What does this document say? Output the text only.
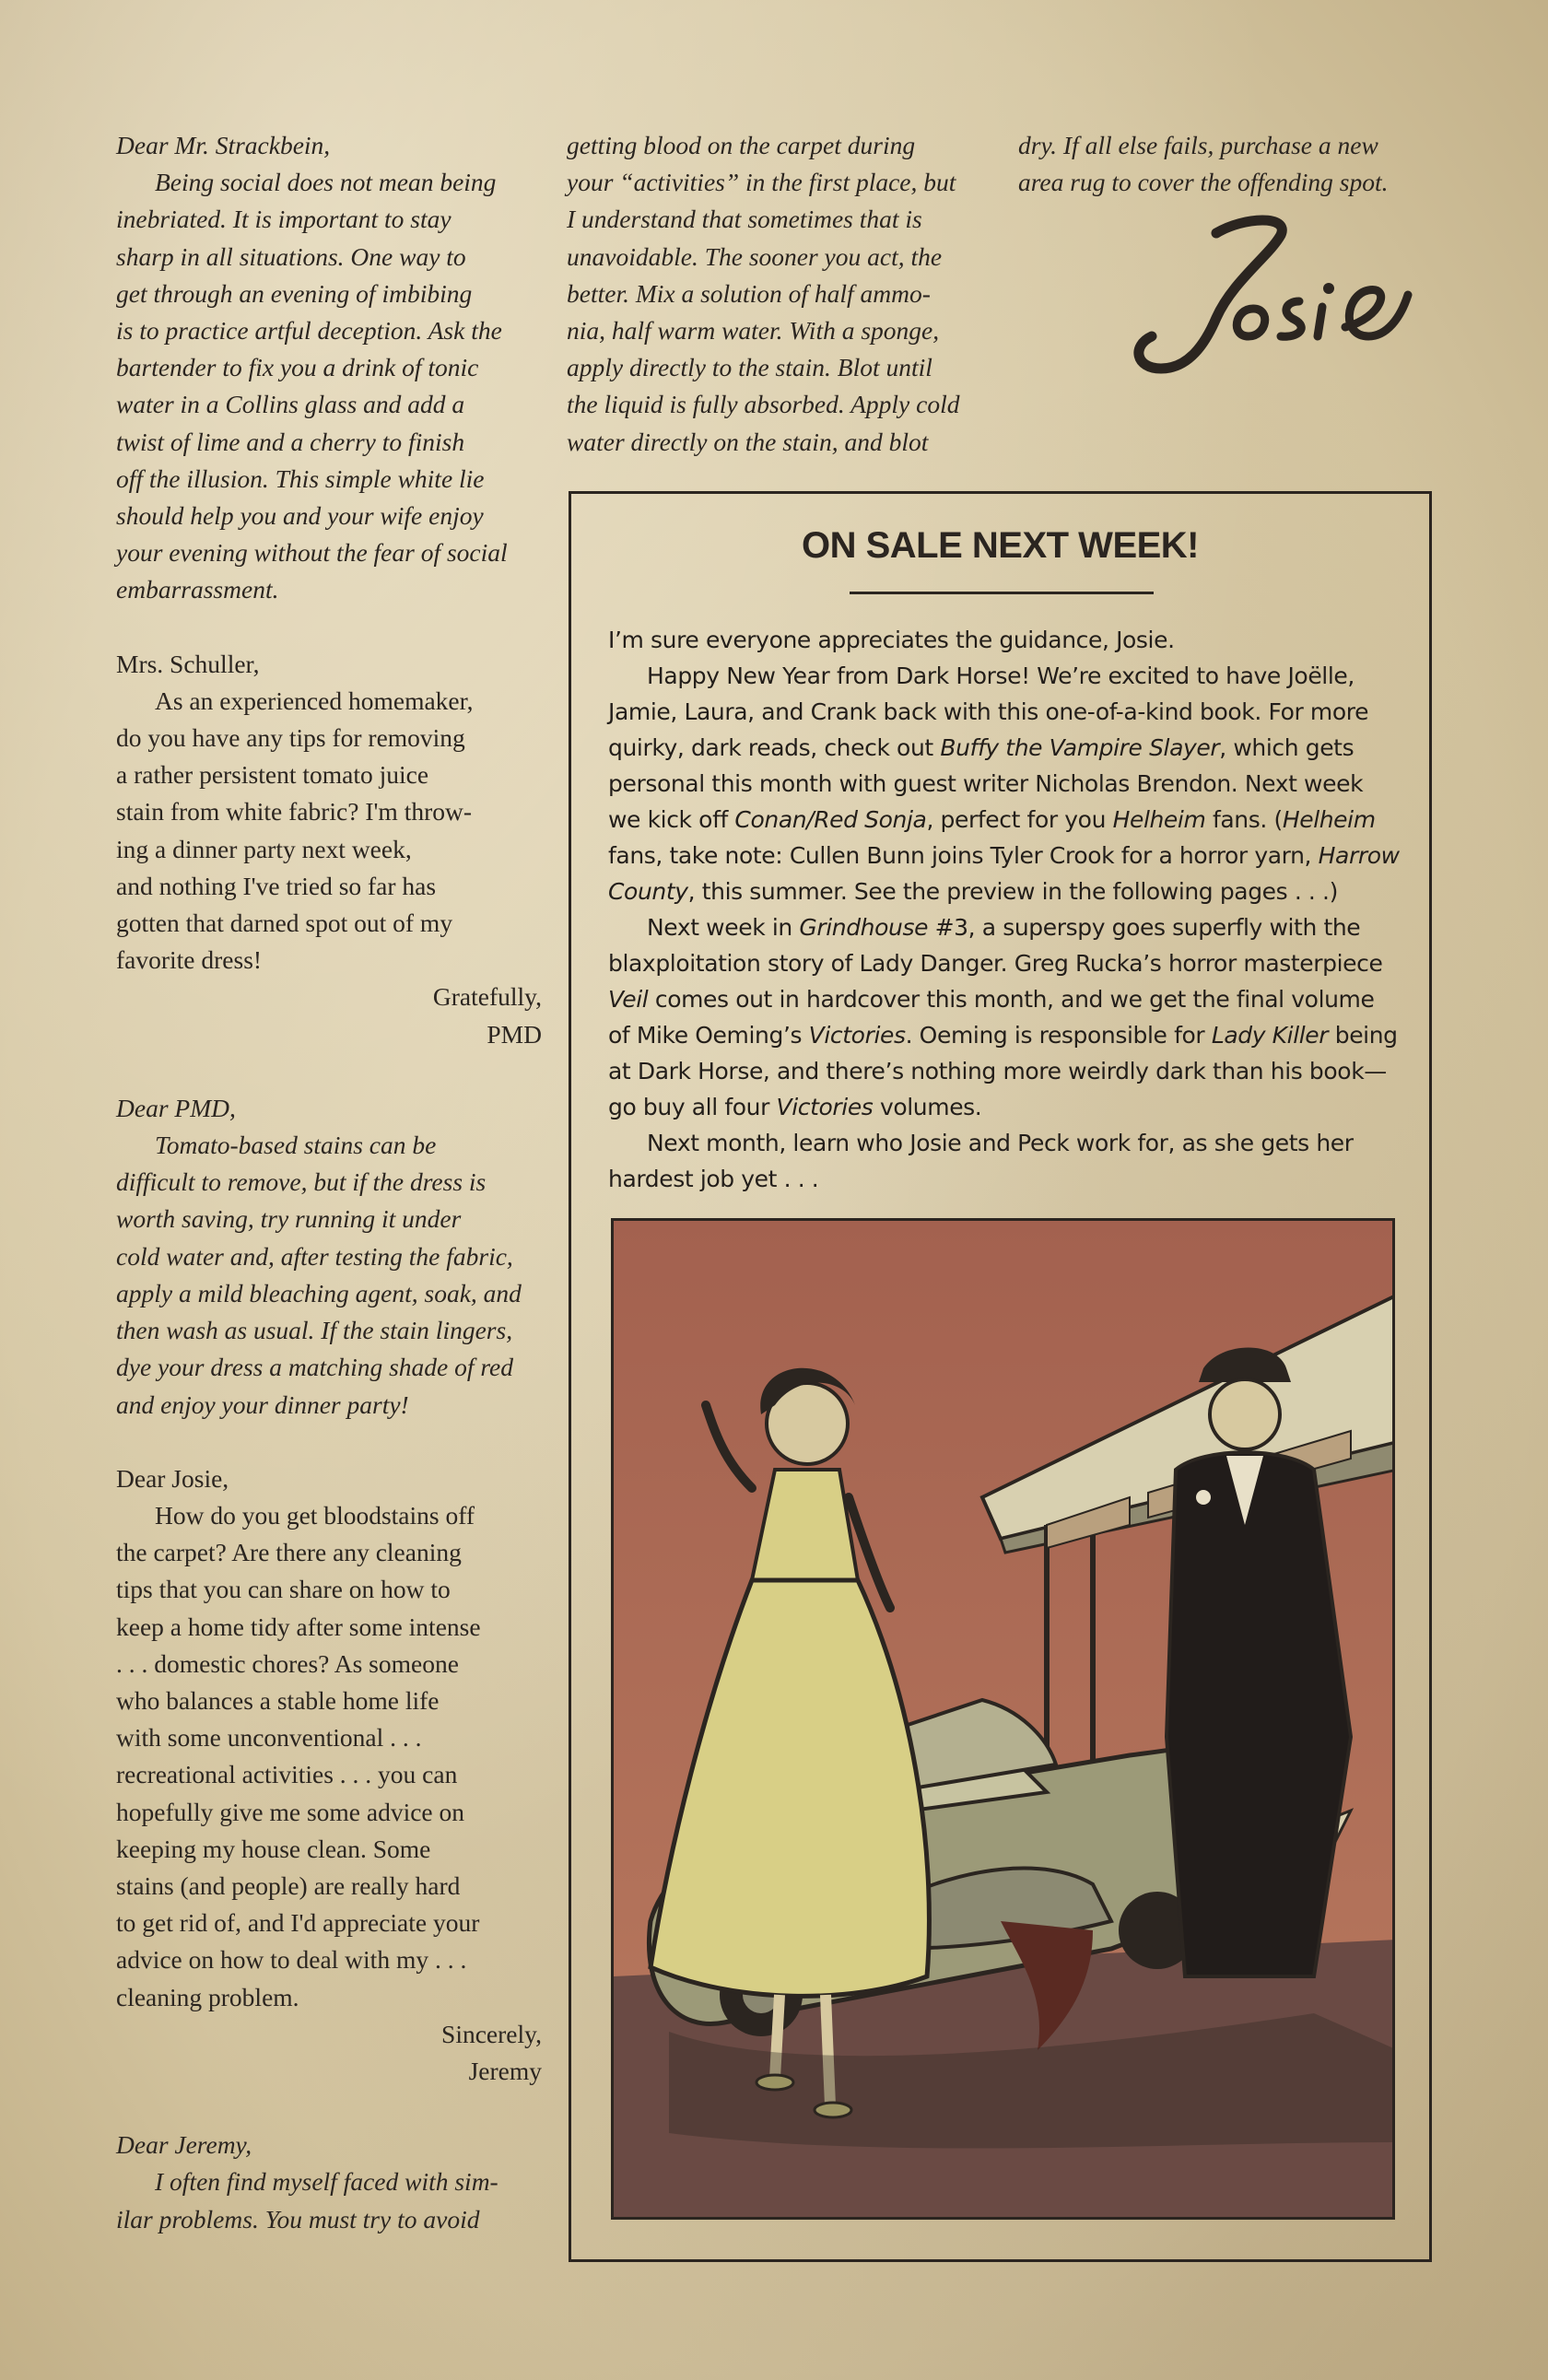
Dear Mr. Strackbein,
Being social does not mean being
inebriated. It is important to stay
sharp in all situations. One way to
get through an evening of imbibing
is to practice artful deception. Ask the
bartender to fix you a drink of tonic
water in a Collins glass and add a
twist of lime and a cherry to finish
off the illusion. This simple white lie
should help you and your wife enjoy
your evening without the fear of social
embarrassment.
Mrs. Schuller,
As an experienced homemaker,
do you have any tips for removing
a rather persistent tomato juice
stain from white fabric? I'm throw-
ing a dinner party next week,
and nothing I've tried so far has
gotten that darned spot out of my
favorite dress!
Gratefully,
PMD
Dear PMD,
Tomato-based stains can be
difficult to remove, but if the dress is
worth saving, try running it under
cold water and, after testing the fabric,
apply a mild bleaching agent, soak, and
then wash as usual. If the stain lingers,
dye your dress a matching shade of red
and enjoy your dinner party!
Dear Josie,
How do you get bloodstains off
the carpet? Are there any cleaning
tips that you can share on how to
keep a home tidy after some intense
. . . domestic chores? As someone
who balances a stable home life
with some unconventional . . .
recreational activities . . . you can
hopefully give me some advice on
keeping my house clean. Some
stains (and people) are really hard
to get rid of, and I'd appreciate your
advice on how to deal with my . . .
cleaning problem.
Sincerely,
Jeremy
Dear Jeremy,
I often find myself faced with sim-
ilar problems. You must try to avoid
getting blood on the carpet during
your “activities” in the first place, but
I understand that sometimes that is
unavoidable. The sooner you act, the
better. Mix a solution of half ammo-
nia, half warm water. With a sponge,
apply directly to the stain. Blot until
the liquid is fully absorbed. Apply cold
water directly on the stain, and blot
dry. If all else fails, purchase a new
area rug to cover the offending spot.
ON SALE NEXT WEEK!

I’m sure everyone appreciates the guidance, Josie.

Happy New Year from Dark Horse! We’re excited to have Joëlle, Jamie, Laura, and Crank back with this one-of-a-kind book. For more quirky, dark reads, check out Buffy the Vampire Slayer, which gets personal this month with guest writer Nicholas Brendon. Next week we kick off Conan/Red Sonja, perfect for you Helheim fans. (Helheim fans, take note: Cullen Bunn joins Tyler Crook for a horror yarn, Harrow County, this summer. See the preview in the following pages . . .)

Next week in Grindhouse #3, a superspy goes superfly with the blaxploitation story of Lady Danger. Greg Rucka’s horror masterpiece Veil comes out in hardcover this month, and we get the final volume of Mike Oeming’s Victories. Oeming is responsible for Lady Killer being at Dark Horse, and there’s nothing more weirdly dark than his book—go buy all four Victories volumes.

Next month, learn who Josie and Peck work for, as she gets her hardest job yet . . .
